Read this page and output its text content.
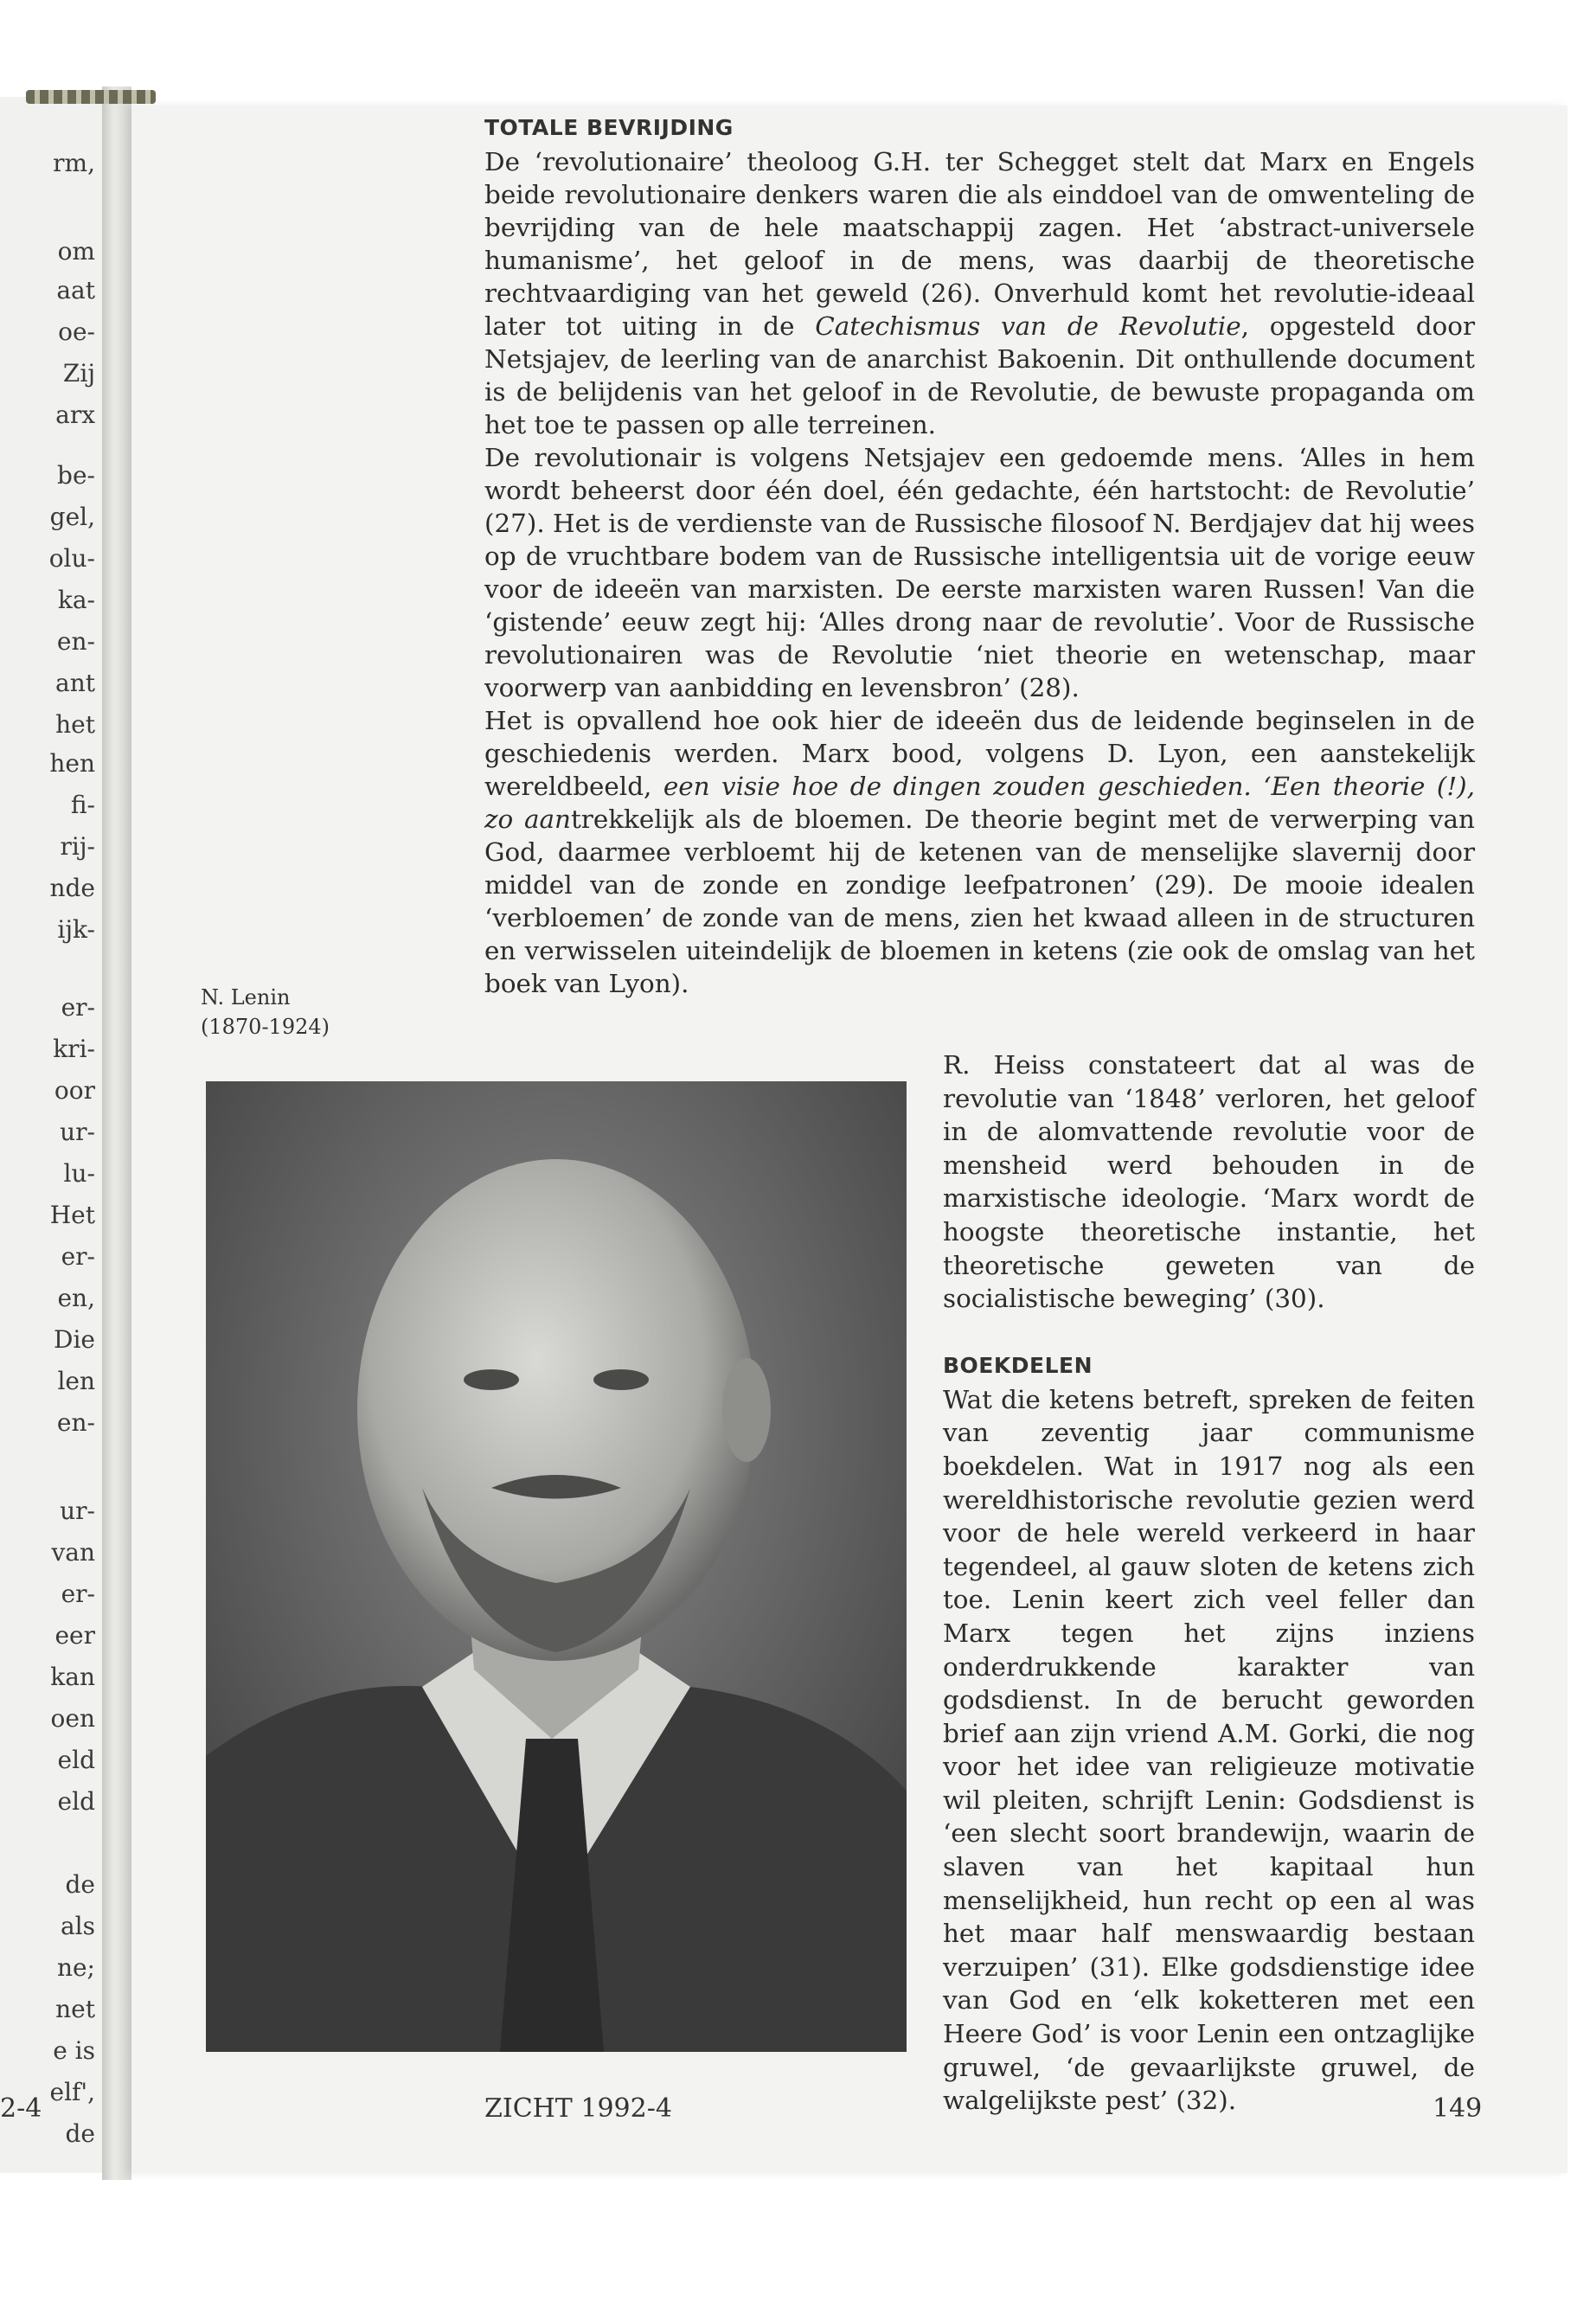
rm,
om
aat
oe-
Zij
arx
be-
gel,
olu-
ka-
en-
ant
het
hen
fi-
rij-
nde
ijk-
er-
kri-
oor
ur-
lu-
Het
er-
en,
Die
len
en-
ur-
van
er-
eer
kan
oen
eld
eld
de
als
ne;
net
e is
elf',
de
2-4
TOTALE BEVRIJDING

De ‘revolutionaire’ theoloog G.H. ter Schegget stelt dat Marx en Engels beide revolutionaire denkers waren die als einddoel van de omwenteling de bevrijding van de hele maatschappij zagen. Het ‘abstract-universele humanisme’, het geloof in de mens, was daarbij de theoretische rechtvaardiging van het geweld (26). Onverhuld komt het revolutie-ideaal later tot uiting in de Catechismus van de Revolutie, opgesteld door Netsjajev, de leerling van de anarchist Bakoenin. Dit onthullende document is de belijdenis van het geloof in de Revolutie, de bewuste propaganda om het toe te passen op alle terreinen.

De revolutionair is volgens Netsjajev een gedoemde mens. ‘Alles in hem wordt beheerst door één doel, één gedachte, één hartstocht: de Revolutie’ (27). Het is de verdienste van de Russische filosoof N. Berdjajev dat hij wees op de vruchtbare bodem van de Russische intelligentsia uit de vorige eeuw voor de ideeën van marxisten. De eerste marxisten waren Russen! Van die ‘gistende’ eeuw zegt hij: ‘Alles drong naar de revolutie’. Voor de Russische revolutionairen was de Revolutie ‘niet theorie en wetenschap, maar voorwerp van aanbidding en levensbron’ (28).

Het is opvallend hoe ook hier de ideeën dus de leidende beginselen in de geschiedenis werden. Marx bood, volgens D. Lyon, een aanstekelijk wereldbeeld, een visie hoe de dingen zouden geschieden. ‘Een theorie (!), zo aantrekkelijk als de bloemen. De theorie begint met de verwerping van God, daarmee verbloemt hij de ketenen van de menselijke slavernij door middel van de zonde en zondige leefpatronen’ (29). De mooie idealen ‘verbloemen’ de zonde van de mens, zien het kwaad alleen in de structuren en verwisselen uiteindelijk de bloemen in ketens (zie ook de omslag van het boek van Lyon).

N. Lenin
(1870-1924)

R. Heiss constateert dat al was de revolutie van ‘1848’ verloren, het geloof in de alomvattende revolutie voor de mensheid werd behouden in de marxistische ideologie. ‘Marx wordt de hoogste theoretische instantie, het theoretische geweten van de socialistische beweging’ (30).

BOEKDELEN

Wat die ketens betreft, spreken de feiten van zeventig jaar communisme boekdelen. Wat in 1917 nog als een wereldhistorische revolutie gezien werd voor de hele wereld verkeerd in haar tegendeel, al gauw sloten de ketens zich toe. Lenin keert zich veel feller dan Marx tegen het zijns inziens onderdrukkende karakter van godsdienst. In de berucht geworden brief aan zijn vriend A.M. Gorki, die nog voor het idee van religieuze motivatie wil pleiten, schrijft Lenin: Godsdienst is ‘een slecht soort brandewijn, waarin de slaven van het kapitaal hun menselijkheid, hun recht op een al was het maar half menswaardig bestaan verzuipen’ (31). Elke godsdienstige idee van God en ‘elk koketteren met een Heere God’ is voor Lenin een ontzaglijke gruwel, ‘de gevaarlijkste gruwel, de walgelijkste pest’ (32).

ZICHT 1992-4	149
